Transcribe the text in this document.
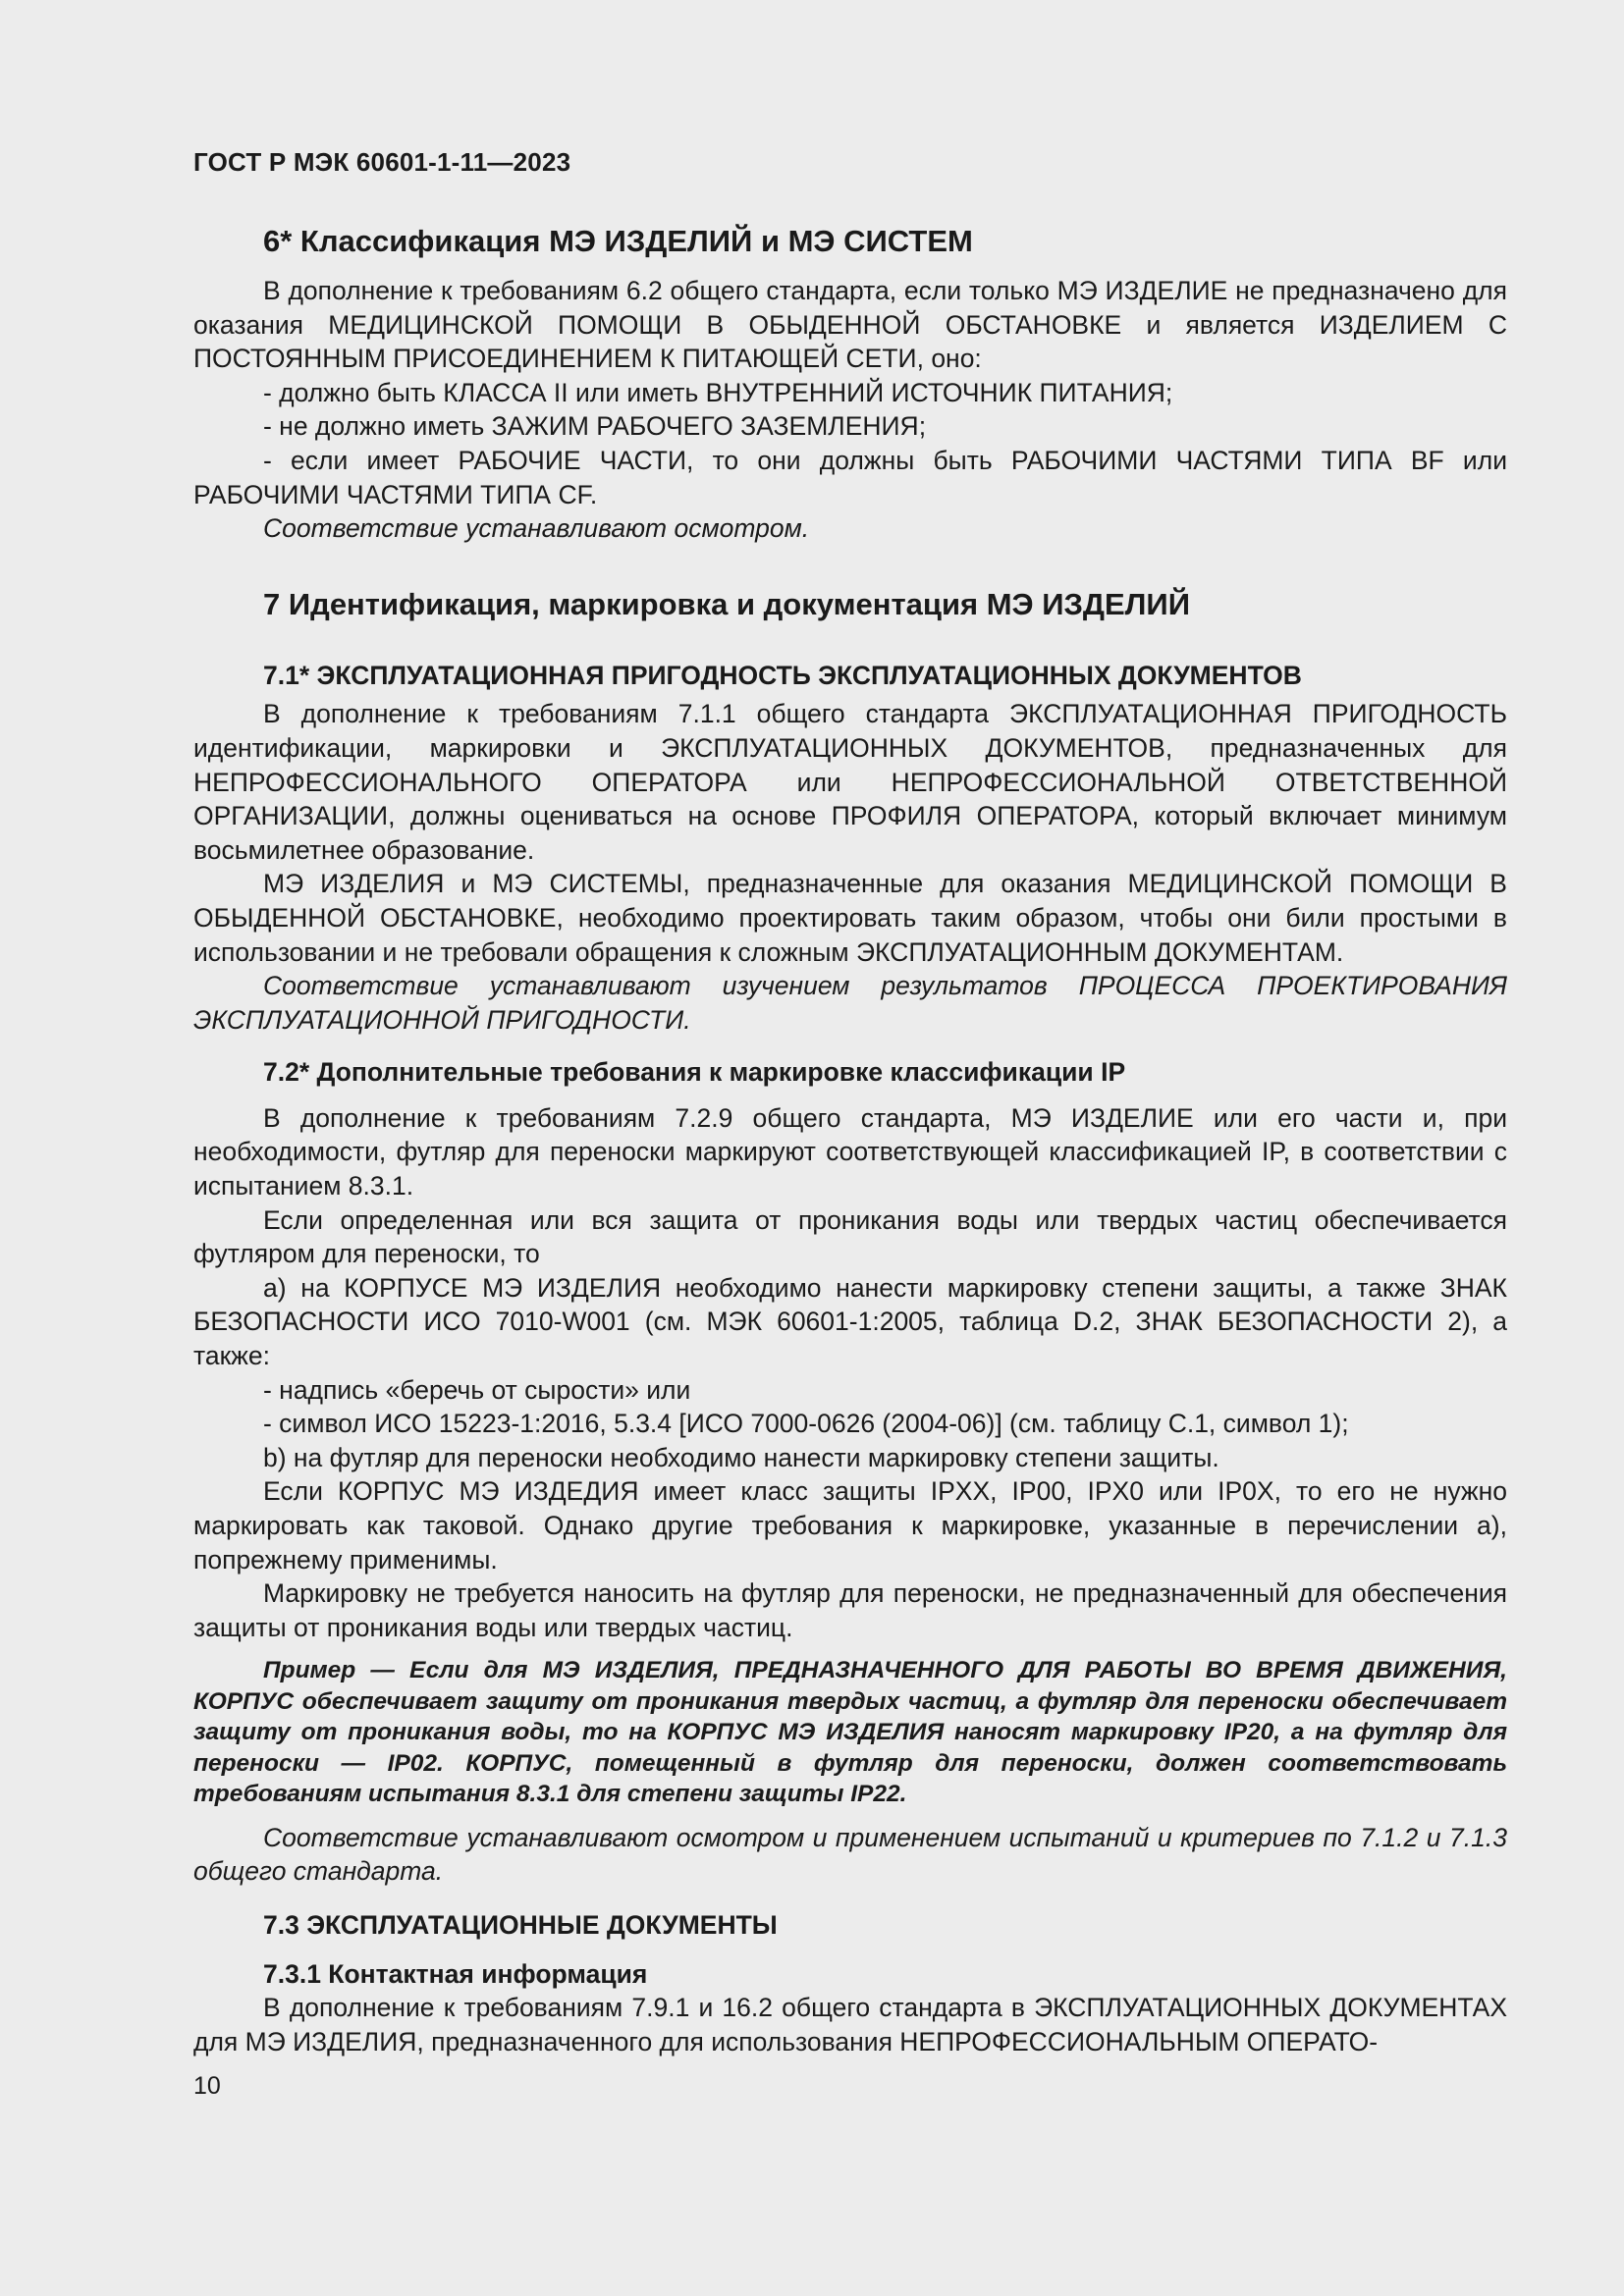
ГОСТ Р МЭК 60601-1-11—2023

6* Классификация МЭ ИЗДЕЛИЙ и МЭ СИСТЕМ

В дополнение к требованиям 6.2 общего стандарта, если только МЭ ИЗДЕЛИЕ не предназначено для оказания МЕДИЦИНСКОЙ ПОМОЩИ В ОБЫДЕННОЙ ОБСТАНОВКЕ и является ИЗДЕЛИЕМ С ПОСТОЯННЫМ ПРИСОЕДИНЕНИЕМ К ПИТАЮЩЕЙ СЕТИ, оно:

- должно быть КЛАССА II или иметь ВНУТРЕННИЙ ИСТОЧНИК ПИТАНИЯ;

- не должно иметь ЗАЖИМ РАБОЧЕГО ЗАЗЕМЛЕНИЯ;

- если имеет РАБОЧИЕ ЧАСТИ, то они должны быть РАБОЧИМИ ЧАСТЯМИ ТИПА BF или РАБОЧИМИ ЧАСТЯМИ ТИПА CF.

Соответствие устанавливают осмотром.

7 Идентификация, маркировка и документация МЭ ИЗДЕЛИЙ

7.1* ЭКСПЛУАТАЦИОННАЯ ПРИГОДНОСТЬ ЭКСПЛУАТАЦИОННЫХ ДОКУМЕНТОВ

В дополнение к требованиям 7.1.1 общего стандарта ЭКСПЛУАТАЦИОННАЯ ПРИГОДНОСТЬ идентификации, маркировки и ЭКСПЛУАТАЦИОННЫХ ДОКУМЕНТОВ, предназначенных для НЕПРОФЕССИОНАЛЬНОГО ОПЕРАТОРА или НЕПРОФЕССИОНАЛЬНОЙ ОТВЕТСТВЕННОЙ ОРГАНИЗАЦИИ, должны оцениваться на основе ПРОФИЛЯ ОПЕРАТОРА, который включает минимум восьмилетнее образование.

МЭ ИЗДЕЛИЯ и МЭ СИСТЕМЫ, предназначенные для оказания МЕДИЦИНСКОЙ ПОМОЩИ В ОБЫДЕННОЙ ОБСТАНОВКЕ, необходимо проектировать таким образом, чтобы они били простыми в использовании и не требовали обращения к сложным ЭКСПЛУАТАЦИОННЫМ ДОКУМЕНТАМ.

Соответствие устанавливают изучением результатов ПРОЦЕССА ПРОЕКТИРОВАНИЯ ЭКСПЛУАТАЦИОННОЙ ПРИГОДНОСТИ.

7.2* Дополнительные требования к маркировке классификации IP

В дополнение к требованиям 7.2.9 общего стандарта, МЭ ИЗДЕЛИЕ или его части и, при необходимости, футляр для переноски маркируют соответствующей классификацией IP, в соответствии с испытанием 8.3.1.

Если определенная или вся защита от проникания воды или твердых частиц обеспечивается футляром для переноски, то

а) на КОРПУСЕ МЭ ИЗДЕЛИЯ необходимо нанести маркировку степени защиты, а также ЗНАК БЕЗОПАСНОСТИ ИСО 7010-W001 (см. МЭК 60601-1:2005, таблица D.2, ЗНАК БЕЗОПАСНОСТИ 2), а также:

- надпись «беречь от сырости» или

- символ ИСО 15223-1:2016, 5.3.4 [ИСО 7000-0626 (2004-06)] (см. таблицу С.1, символ 1);

b) на футляр для переноски необходимо нанести маркировку степени защиты.

Если КОРПУС МЭ ИЗДЕДИЯ имеет класс защиты IPXX, IP00, IPX0 или IP0X, то его не нужно маркировать как таковой. Однако другие требования к маркировке, указанные в перечислении а), попрежнему применимы.

Маркировку не требуется наносить на футляр для переноски, не предназначенный для обеспечения защиты от проникания воды или твердых частиц.

Пример — Если для МЭ ИЗДЕЛИЯ, ПРЕДНАЗНАЧЕННОГО ДЛЯ РАБОТЫ ВО ВРЕМЯ ДВИЖЕНИЯ, КОРПУС обеспечивает защиту от проникания твердых частиц, а футляр для переноски обеспечивает защиту от проникания воды, то на КОРПУС МЭ ИЗДЕЛИЯ наносят маркировку IP20, а на футляр для переноски — IP02. КОРПУС, помещенный в футляр для переноски, должен соответствовать требованиям испытания 8.3.1 для степени защиты IP22.

Соответствие устанавливают осмотром и применением испытаний и критериев по 7.1.2 и 7.1.3 общего стандарта.

7.3 ЭКСПЛУАТАЦИОННЫЕ ДОКУМЕНТЫ

7.3.1 Контактная информация

В дополнение к требованиям 7.9.1 и 16.2 общего стандарта в ЭКСПЛУАТАЦИОННЫХ ДОКУМЕНТАХ для МЭ ИЗДЕЛИЯ, предназначенного для использования НЕПРОФЕССИОНАЛЬНЫМ ОПЕРАТО-

10
